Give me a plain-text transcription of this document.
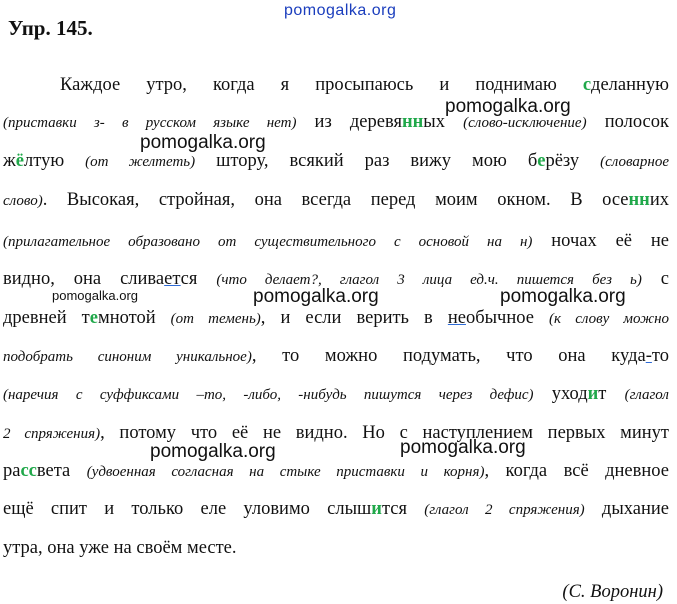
pomogalka.org
Упр. 145.
Каждое утро, когда я просыпаюсь и поднимаю сделанную
(приставки з- в русском языке нет) из деревянных (слово-исключение) полосок
жёлтую (от желтеть) штору, всякий раз вижу мою берёзу (словарное
слово). Высокая, стройная, она всегда перед моим окном. В осенних
(прилагательное образовано от существительного с основой на н) ночах её не
видно, она сливается (что делает?, глагол 3 лица ед.ч. пишется без ь) с
древней темнотой (от темень), и если верить в необычное (к слову можно
подобрать синоним уникальное), то можно подумать, что она куда-то
(наречия с суффиксами –то, -либо, -нибудь пишутся через дефис) уходит (глагол
2 спряжения), потому что её не видно. Но с наступлением первых минут
рассвета (удвоенная согласная на стыке приставки и корня), когда всё дневное
ещё спит и только еле уловимо слышится (глагол 2 спряжения) дыхание
утра, она уже на своём месте.
pomogalka.org
pomogalka.org
pomogalka.org	pomogalka.org	pomogalka.org
pomogalka.org
pomogalka.org
(С. Воронин)
